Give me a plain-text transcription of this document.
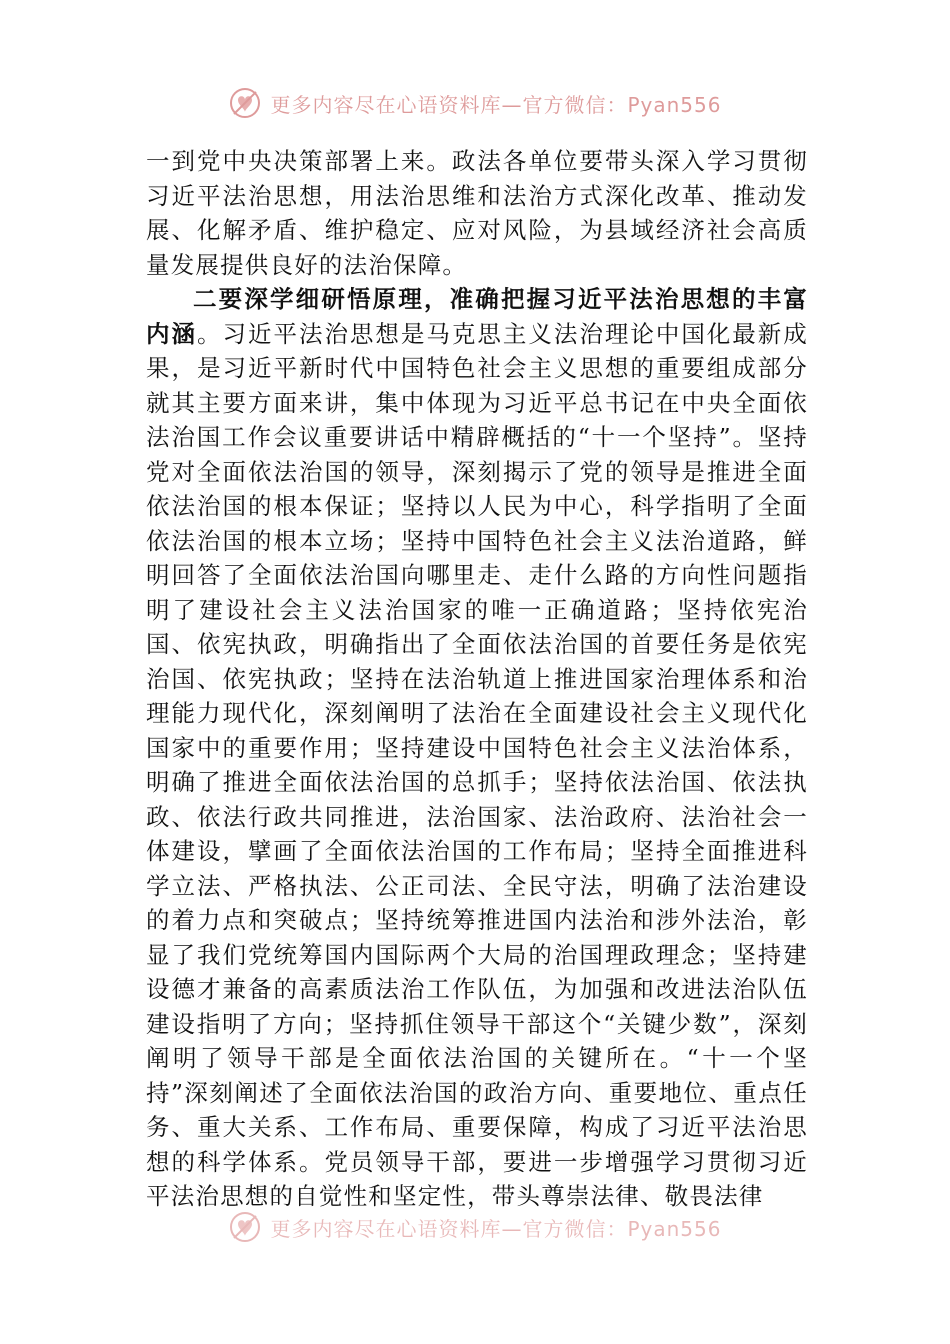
更多内容尽在心语资料库—官方微信：Pyan556

一到党中央决策部署上来。政法各单位要带头深入学习贯彻习近平法治思想，用法治思维和法治方式深化改革、推动发展、化解矛盾、维护稳定、应对风险，为县域经济社会高质量发展提供良好的法治保障。

二要深学细研悟原理，准确把握习近平法治思想的丰富内涵。习近平法治思想是马克思主义法治理论中国化最新成果，是习近平新时代中国特色社会主义思想的重要组成部分就其主要方面来讲，集中体现为习近平总书记在中央全面依法治国工作会议重要讲话中精辟概括的“十一个坚持”。坚持党对全面依法治国的领导，深刻揭示了党的领导是推进全面依法治国的根本保证；坚持以人民为中心，科学指明了全面依法治国的根本立场；坚持中国特色社会主义法治道路，鲜明回答了全面依法治国向哪里走、走什么路的方向性问题指明了建设社会主义法治国家的唯一正确道路；坚持依宪治国、依宪执政，明确指出了全面依法治国的首要任务是依宪治国、依宪执政；坚持在法治轨道上推进国家治理体系和治理能力现代化，深刻阐明了法治在全面建设社会主义现代化国家中的重要作用；坚持建设中国特色社会主义法治体系，明确了推进全面依法治国的总抓手；坚持依法治国、依法执政、依法行政共同推进，法治国家、法治政府、法治社会一体建设，擘画了全面依法治国的工作布局；坚持全面推进科学立法、严格执法、公正司法、全民守法，明确了法治建设的着力点和突破点；坚持统筹推进国内法治和涉外法治，彰显了我们党统筹国内国际两个大局的治国理政理念；坚持建设德才兼备的高素质法治工作队伍，为加强和改进法治队伍建设指明了方向；坚持抓住领导干部这个“关键少数”，深刻阐明了领导干部是全面依法治国的关键所在。“十一个坚持”深刻阐述了全面依法治国的政治方向、重要地位、重点任务、重大关系、工作布局、重要保障，构成了习近平法治思想的科学体系。党员领导干部，要进一步增强学习贯彻习近平法治思想的自觉性和坚定性，带头尊崇法律、敬畏法律

更多内容尽在心语资料库—官方微信：Pyan556
